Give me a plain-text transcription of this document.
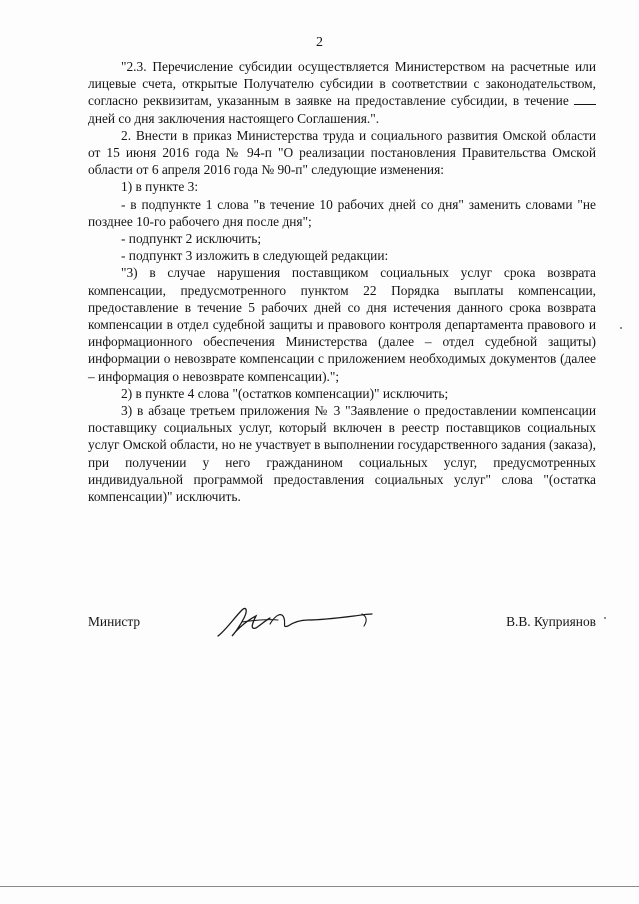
2

"2.3. Перечисление субсидии осуществляется Министерством на расчетные или лицевые счета, открытые Получателю субсидии в соответствии с законодательством, согласно реквизитам, указанным в заявке на предоставление субсидии, в течение  дней со дня заключения настоящего Соглашения.".

2. Внести в приказ Министерства труда и социального развития Омской области от 15 июня 2016 года № 94-п "О реализации постановления Правительства Омской области от 6 апреля 2016 года № 90-п" следующие изменения:

1) в пункте 3:

- в подпункте 1 слова "в течение 10 рабочих дней со дня" заменить словами "не позднее 10-го рабочего дня после дня";

- подпункт 2 исключить;

- подпункт 3 изложить в следующей редакции:

"3) в случае нарушения поставщиком социальных услуг срока возврата компенсации, предусмотренного пунктом 22 Порядка выплаты компенсации, предоставление в течение 5 рабочих дней со дня истечения данного срока возврата компенсации в отдел судебной защиты и правового контроля департамента правового и информационного обеспечения Министерства (далее – отдел судебной защиты) информации о невозврате компенсации с приложением необходимых документов (далее – информация о невозврате компенсации).";

2) в пункте 4 слова "(остатков компенсации)" исключить;

3) в абзаце третьем приложения № 3 "Заявление о предоставлении компенсации поставщику социальных услуг, который включен в реестр поставщиков социальных услуг Омской области, но не участвует в выполнении государственного задания (заказа), при получении у него гражданином социальных услуг, предусмотренных индивидуальной программой предоставления социальных услуг" слова "(остатка компенсации)" исключить.

Министр	В.В. Куприянов
